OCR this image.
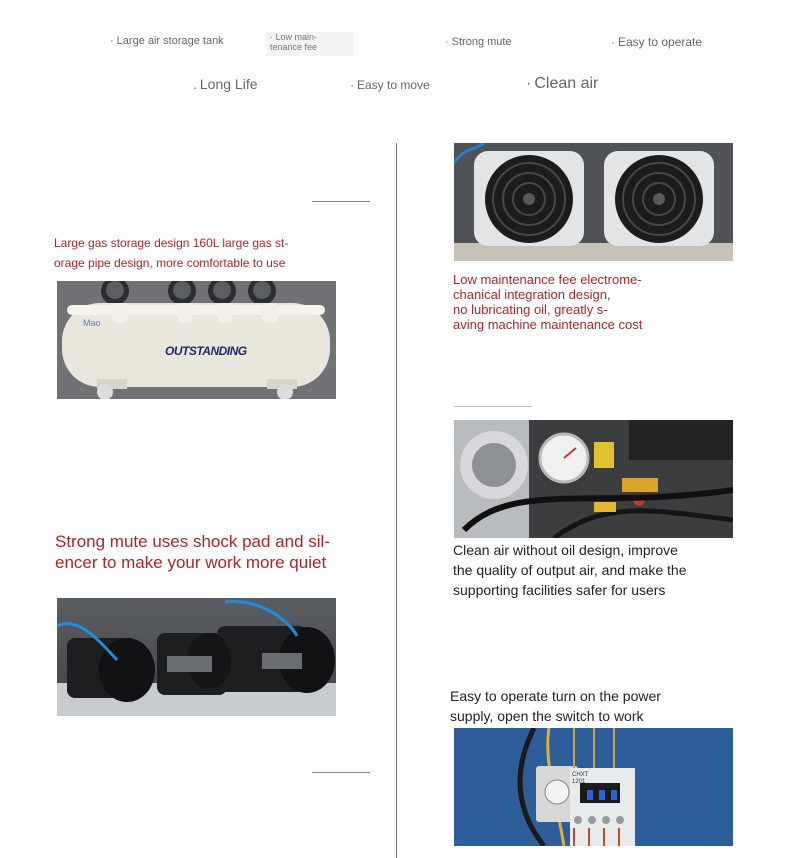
· Large air storage tank	· Low main-
tenance fee	· Strong mute	· Easy to operate
. Long Life	· Easy to move	· Clean air
Large gas storage design 160L large gas st-
orage pipe design, more comfortable to use
Mao
OUTSTANDING
Strong mute uses shock pad and sil-
encer to make your work more quiet
Low maintenance fee electrome-
chanical integration design,
no lubricating oil, greatly s-
aving machine maintenance cost
Clean air without oil design, improve
the quality of output air, and make the
supporting facilities safer for users
Easy to operate turn on the power
supply, open the switch to work
CHXT
1201
